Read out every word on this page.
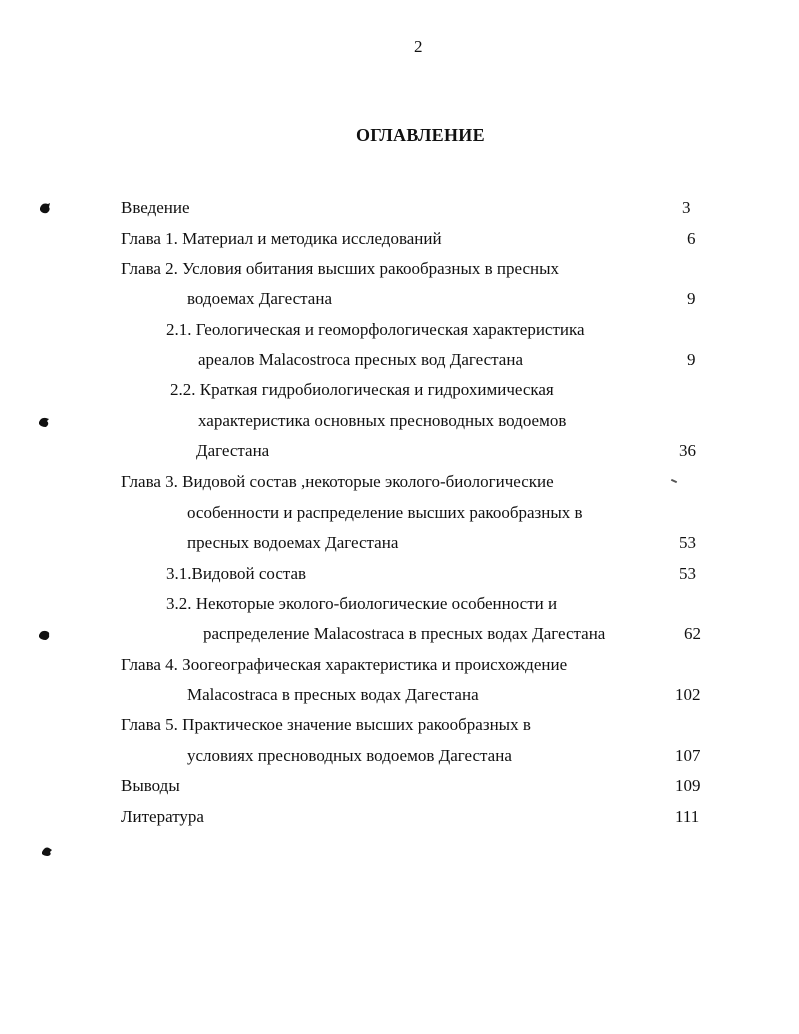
2
ОГЛАВЛЕНИЕ
Введение	3
Глава 1. Материал и методика исследований	6
Глава 2. Условия обитания высших ракообразных в пресных
водоемах Дагестана	9
2.1. Геологическая и геоморфологическая характеристика
ареалов Malacostroca пресных вод Дагестана	9
2.2. Краткая гидробиологическая и гидрохимическая
характеристика основных пресноводных водоемов
Дагестана	36
Глава 3. Видовой состав ,некоторые эколого-биологические
особенности и распределение высших ракообразных в
пресных водоемах Дагестана	53
3.1.Видовой состав	53
3.2. Некоторые эколого-биологические особенности и
распределение Malacostraca в пресных водах Дагестана	62
Глава 4. Зоогеографическая характеристика и происхождение
Malacostraca в пресных водах Дагестана	102
Глава 5. Практическое значение высших ракообразных в
условиях пресноводных водоемов Дагестана	107
Выводы	109
Литература	111
